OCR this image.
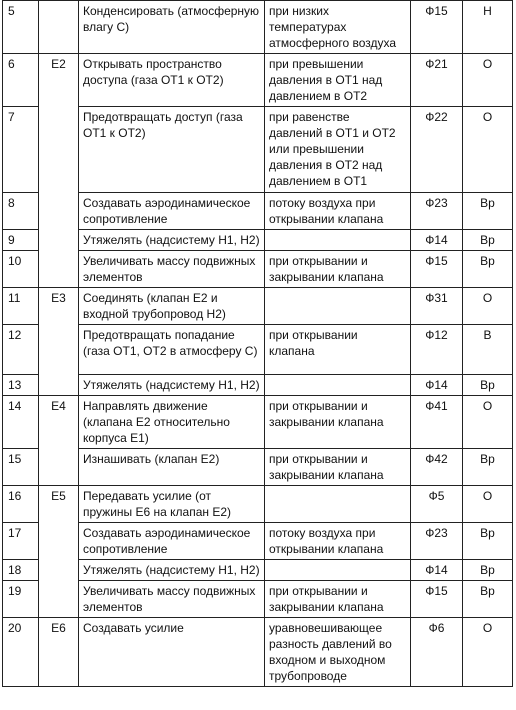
5		Конденсировать (атмосферную влагу С)	при низких температурах атмосферного воздуха	Ф15	Н
6	Е2	Открывать пространство доступа (газа ОТ1 к ОТ2)	при превышении давления в ОТ1 над давлением в ОТ2	Ф21	О
7		Предотвращать доступ (газа ОТ1 к ОТ2)	при равенстве давлений в ОТ1 и ОТ2 или превышении давления в ОТ2 над давлением в ОТ1	Ф22	О
8		Создавать аэродинамическое сопротивление	потоку воздуха при открывании клапана	Ф23	Вр
9		Утяжелять (надсистему Н1, Н2)		Ф14	Вр
10		Увеличивать массу подвижных элементов	при открывании и закрывании клапана	Ф15	Вр
11	Е3	Соединять (клапан Е2 и входной трубопровод Н2)		Ф31	О
12		Предотвращать попадание (газа ОТ1, ОТ2 в атмосферу С)	при открывании клапана	Ф12	В
13		Утяжелять (надсистему Н1, Н2)		Ф14	Вр
14	Е4	Направлять движение (клапана Е2 относительно корпуса Е1)	при открывании и закрывании клапана	Ф41	О
15		Изнашивать (клапан Е2)	при открывании и закрывании клапана	Ф42	Вр
16	Е5	Передавать усилие (от пружины Е6 на клапан Е2)		Ф5	О
17		Создавать аэродинамическое сопротивление	потоку воздуха при открывании клапана	Ф23	Вр
18		Утяжелять (надсистему Н1, Н2)		Ф14	Вр
19		Увеличивать массу подвижных элементов	при открывании и закрывании клапана	Ф15	Вр
20	Е6	Создавать усилие	уравновешивающее разность давлений во входном и выходном трубопроводе	Ф6	О
